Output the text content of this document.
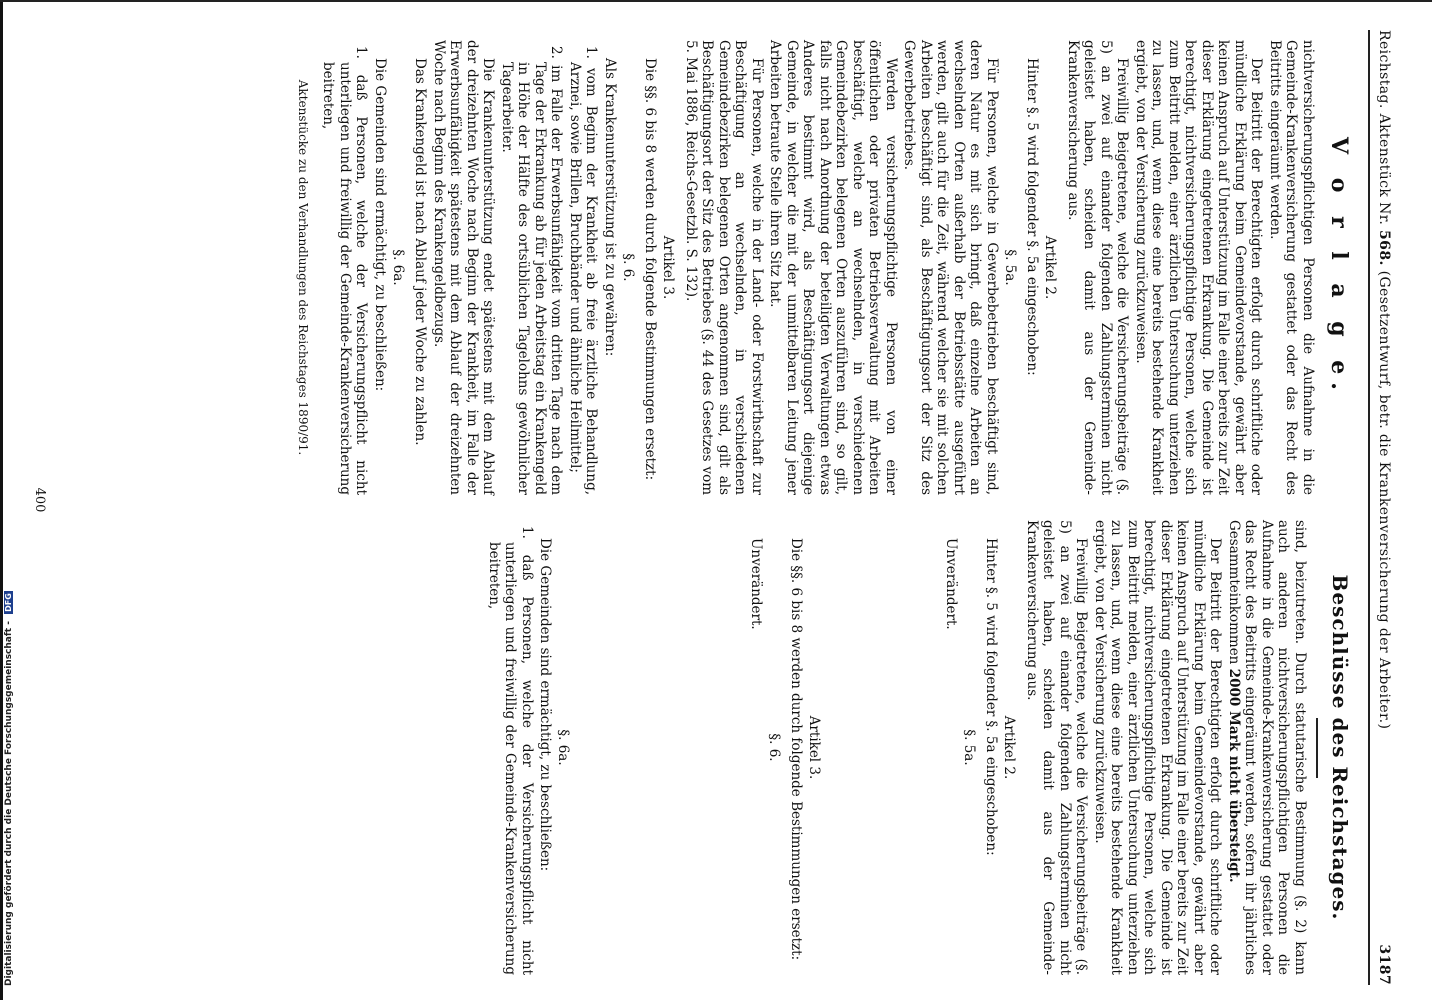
Digitalisierung gefördert durch die Deutsche Forschungsgemeinschaft - DFG
Reichstag. Aktenstück Nr. 568. (Gesetzentwurf, betr. die Krankenversicherung der Arbeiter.)
3187
V o r l a g e.

nichtversicherungspflichtigen Personen die Aufnahme in die Gemeinde-Krankenversicherung gestattet oder das Recht des Beitritts eingeräumt werden.

Der Beitritt der Berechtigten erfolgt durch schriftliche oder mündliche Erklärung beim Gemeindevorstande, gewährt aber keinen Anspruch auf Unterstützung im Falle einer bereits zur Zeit dieser Erklärung eingetretenen Erkrankung. Die Gemeinde ist berechtigt, nichtversicherungspflichtige Personen, welche sich zum Beitritt melden, einer ärztlichen Untersuchung unterziehen zu lassen, und, wenn diese eine bereits bestehende Krankheit ergiebt, von der Versicherung zurückzuweisen.

Freiwillig Beigetretene, welche die Versicherungsbeiträge (§. 5) an zwei auf einander folgenden Zahlungsterminen nicht geleistet haben, scheiden damit aus der Gemeinde-Krankenversicherung aus.

Artikel 2.

Hinter §. 5 wird folgender §. 5a eingeschoben:

§. 5a.

Für Personen, welche in Gewerbebetrieben beschäftigt sind, deren Natur es mit sich bringt, daß einzelne Arbeiten an wechselnden Orten außerhalb der Betriebsstätte ausgeführt werden, gilt auch für die Zeit, während welcher sie mit solchen Arbeiten beschäftigt sind, als Beschäftigungsort der Sitz des Gewerbebetriebes.

Werden versicherungspflichtige Personen von einer öffentlichen oder privaten Betriebsverwaltung mit Arbeiten beschäftigt, welche an wechselnden, in verschiedenen Gemeindebezirken belegenen Orten auszuführen sind, so gilt, falls nicht nach Anordnung der beteiligten Verwaltungen etwas Anderes bestimmt wird, als Beschäftigungsort diejenige Gemeinde, in welcher die mit der unmittelbaren Leitung jener Arbeiten betraute Stelle ihren Sitz hat.

Für Personen, welche in der Land- oder Forstwirthschaft zur Beschäftigung an wechselnden, in verschiedenen Gemeindebezirken belegenen Orten angenommen sind, gilt als Beschäftigungsort der Sitz des Betriebes (§. 44 des Gesetzes vom 5. Mai 1886, Reichs-Gesetzbl. S. 132).

Artikel 3.

Die §§. 6 bis 8 werden durch folgende Bestimmungen ersetzt:

§. 6.

Als Krankenunterstützung ist zu gewähren:

1. vom Beginn der Krankheit ab freie ärztliche Behandlung, Arznei, sowie Brillen, Bruchbänder und ähnliche Heilmittel;

2. im Falle der Erwerbsunfähigkeit vom dritten Tage nach dem Tage der Erkrankung ab für jeden Arbeitstag ein Krankengeld in Höhe der Hälfte des ortsüblichen Tagelohns gewöhnlicher Tagearbeiter.

Die Krankenunterstützung endet spätestens mit dem Ablauf der dreizehnten Woche nach Beginn der Krankheit, im Falle der Erwerbsunfähigkeit spätestens mit dem Ablauf der dreizehnten Woche nach Beginn des Krankengeldbezugs.

Das Krankengeld ist nach Ablauf jeder Woche zu zahlen.

§. 6a.

Die Gemeinden sind ermächtigt, zu beschließen:

1. daß Personen, welche der Versicherungspflicht nicht unterliegen und freiwillig der Gemeinde-Krankenversicherung beitreten,

Aktenstücke zu den Verhandlungen des Reichstages 1890/91.
Beschlüsse des Reichstages.

sind, beizutreten. Durch statutarische Bestimmung (§. 2) kann auch anderen nichtversicherungspflichtigen Personen die Aufnahme in die Gemeinde-Krankenversicherung gestattet oder das Recht des Beitritts eingeräumt werden, sofern ihr jährliches Gesammteinkommen 2000 Mark nicht übersteigt.

Der Beitritt der Berechtigten erfolgt durch schriftliche oder mündliche Erklärung beim Gemeindevorstande, gewährt aber keinen Anspruch auf Unterstützung im Falle einer bereits zur Zeit dieser Erklärung eingetretenen Erkrankung. Die Gemeinde ist berechtigt, nichtversicherungspflichtige Personen, welche sich zum Beitritt melden, einer ärztlichen Untersuchung unterziehen zu lassen, und, wenn diese eine bereits bestehende Krankheit ergiebt, von der Versicherung zurückzuweisen.

Freiwillig Beigetretene, welche die Versicherungsbeiträge (§. 5) an zwei auf einander folgenden Zahlungsterminen nicht geleistet haben, scheiden damit aus der Gemeinde-Krankenversicherung aus.

Artikel 2.

Hinter §. 5 wird folgender §. 5a eingeschoben:

§. 5a.

Unverändert.

Artikel 3.

Die §§. 6 bis 8 werden durch folgende Bestimmungen ersetzt:

§. 6.

Unverändert.

§. 6a.

Die Gemeinden sind ermächtigt, zu beschließen:

1. daß Personen, welche der Versicherungspflicht nicht unterliegen und freiwillig der Gemeinde-Krankenversicherung beitreten,

400
